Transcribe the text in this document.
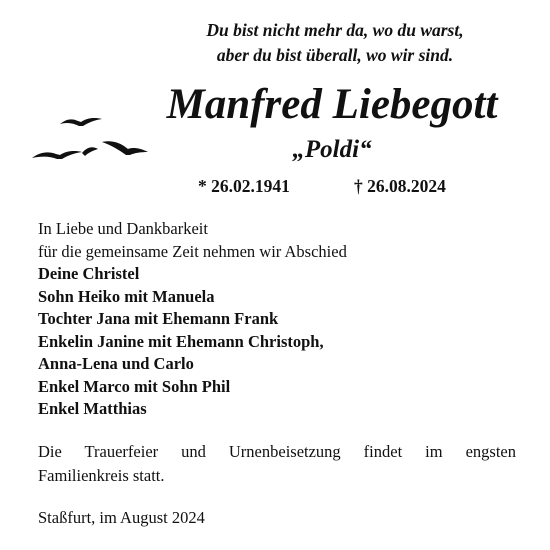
Du bist nicht mehr da, wo du warst,
aber du bist überall, wo wir sind.
Manfred Liebegott
„Poldi“
* 26.02.1941	† 26.08.2024
In Liebe und Dankbarkeit
für die gemeinsame Zeit nehmen wir Abschied
Deine Christel
Sohn Heiko mit Manuela
Tochter Jana mit Ehemann Frank
Enkelin Janine mit Ehemann Christoph,
Anna-Lena und Carlo
Enkel Marco mit Sohn Phil
Enkel Matthias
Die Trauerfeier und Urnenbeisetzung findet im engsten
Familienkreis statt.
Staßfurt, im August 2024
